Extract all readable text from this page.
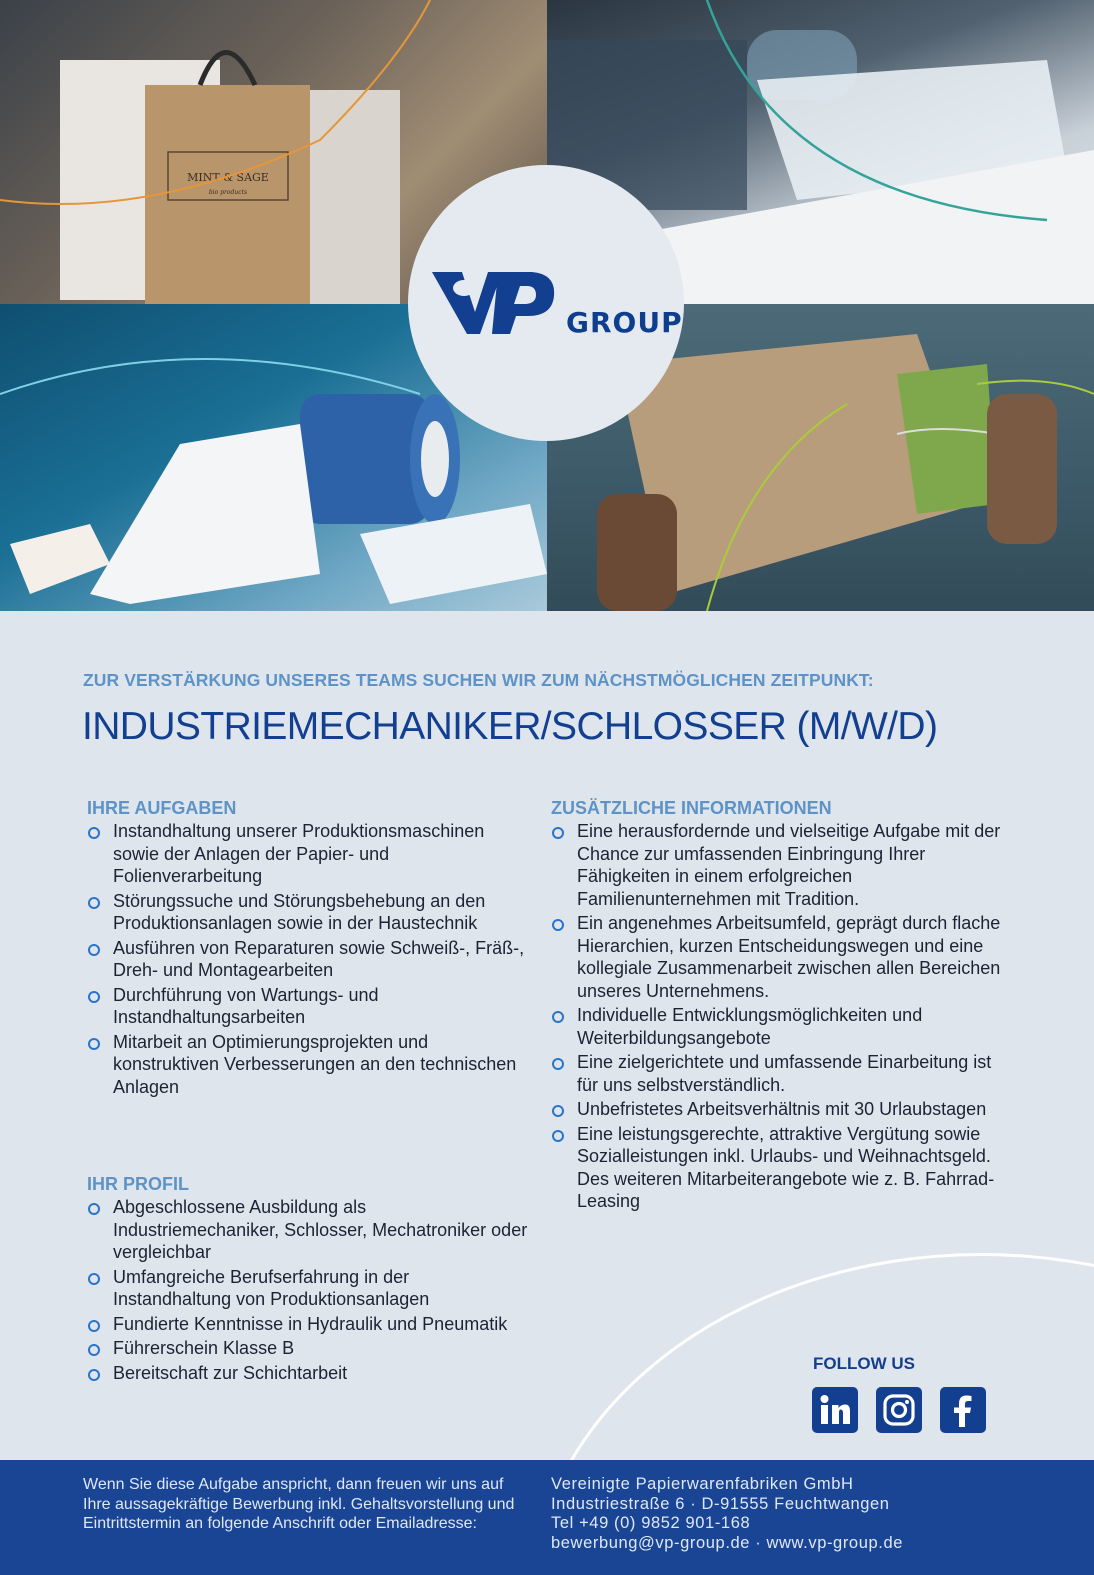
MINT & SAGE
bio products
GROUP
ZUR VERSTÄRKUNG UNSERES TEAMS SUCHEN WIR ZUM NÄCHSTMÖGLICHEN ZEITPUNKT:
INDUSTRIEMECHANIKER/SCHLOSSER (M/W/D)
IHRE AUFGABEN
Instandhaltung unserer Produktionsmaschinen sowie der Anlagen der Papier- und Folienverarbeitung
Störungssuche und Störungsbehebung an den Produktionsanlagen sowie in der Haustechnik
Ausführen von Reparaturen sowie Schweiß-, Fräß-, Dreh- und Montagearbeiten
Durchführung von Wartungs- und Instandhaltungsarbeiten
Mitarbeit an Optimierungsprojekten und konstruktiven Verbesserungen an den technischen Anlagen
IHR PROFIL
Abgeschlossene Ausbildung als Industriemechaniker, Schlosser, Mechatroniker oder vergleichbar
Umfangreiche Berufserfahrung in der Instandhaltung von Produktionsanlagen
Fundierte Kenntnisse in Hydraulik und Pneumatik
Führerschein Klasse B
Bereitschaft zur Schichtarbeit
ZUSÄTZLICHE INFORMATIONEN
Eine herausfordernde und vielseitige Aufgabe mit der Chance zur umfassenden Einbringung Ihrer Fähigkeiten in einem erfolgreichen Familienunternehmen mit Tradition.
Ein angenehmes Arbeitsumfeld, geprägt durch flache Hierarchien, kurzen Entscheidungswegen und eine kollegiale Zusammenarbeit zwischen allen Bereichen unseres Unternehmens.
Individuelle Entwicklungsmöglichkeiten und Weiterbildungsangebote
Eine zielgerichtete und umfassende Einarbeitung ist für uns selbstverständlich.
Unbefristetes Arbeitsverhältnis mit 30 Urlaubstagen
Eine leistungsgerechte, attraktive Vergütung sowie Sozialleistungen inkl. Urlaubs- und Weihnachtsgeld. Des weiteren Mitarbeiterangebote wie z. B. Fahrrad-Leasing
FOLLOW US
Wenn Sie diese Aufgabe anspricht, dann freuen wir uns auf Ihre aussagekräftige Bewerbung inkl. Gehaltsvorstellung und Eintrittstermin an folgende Anschrift oder Emailadresse:
Vereinigte Papierwarenfabriken GmbH
Industriestraße 6 · D-91555 Feuchtwangen
Tel +49 (0) 9852 901-168
bewerbung@vp-group.de · www.vp-group.de
